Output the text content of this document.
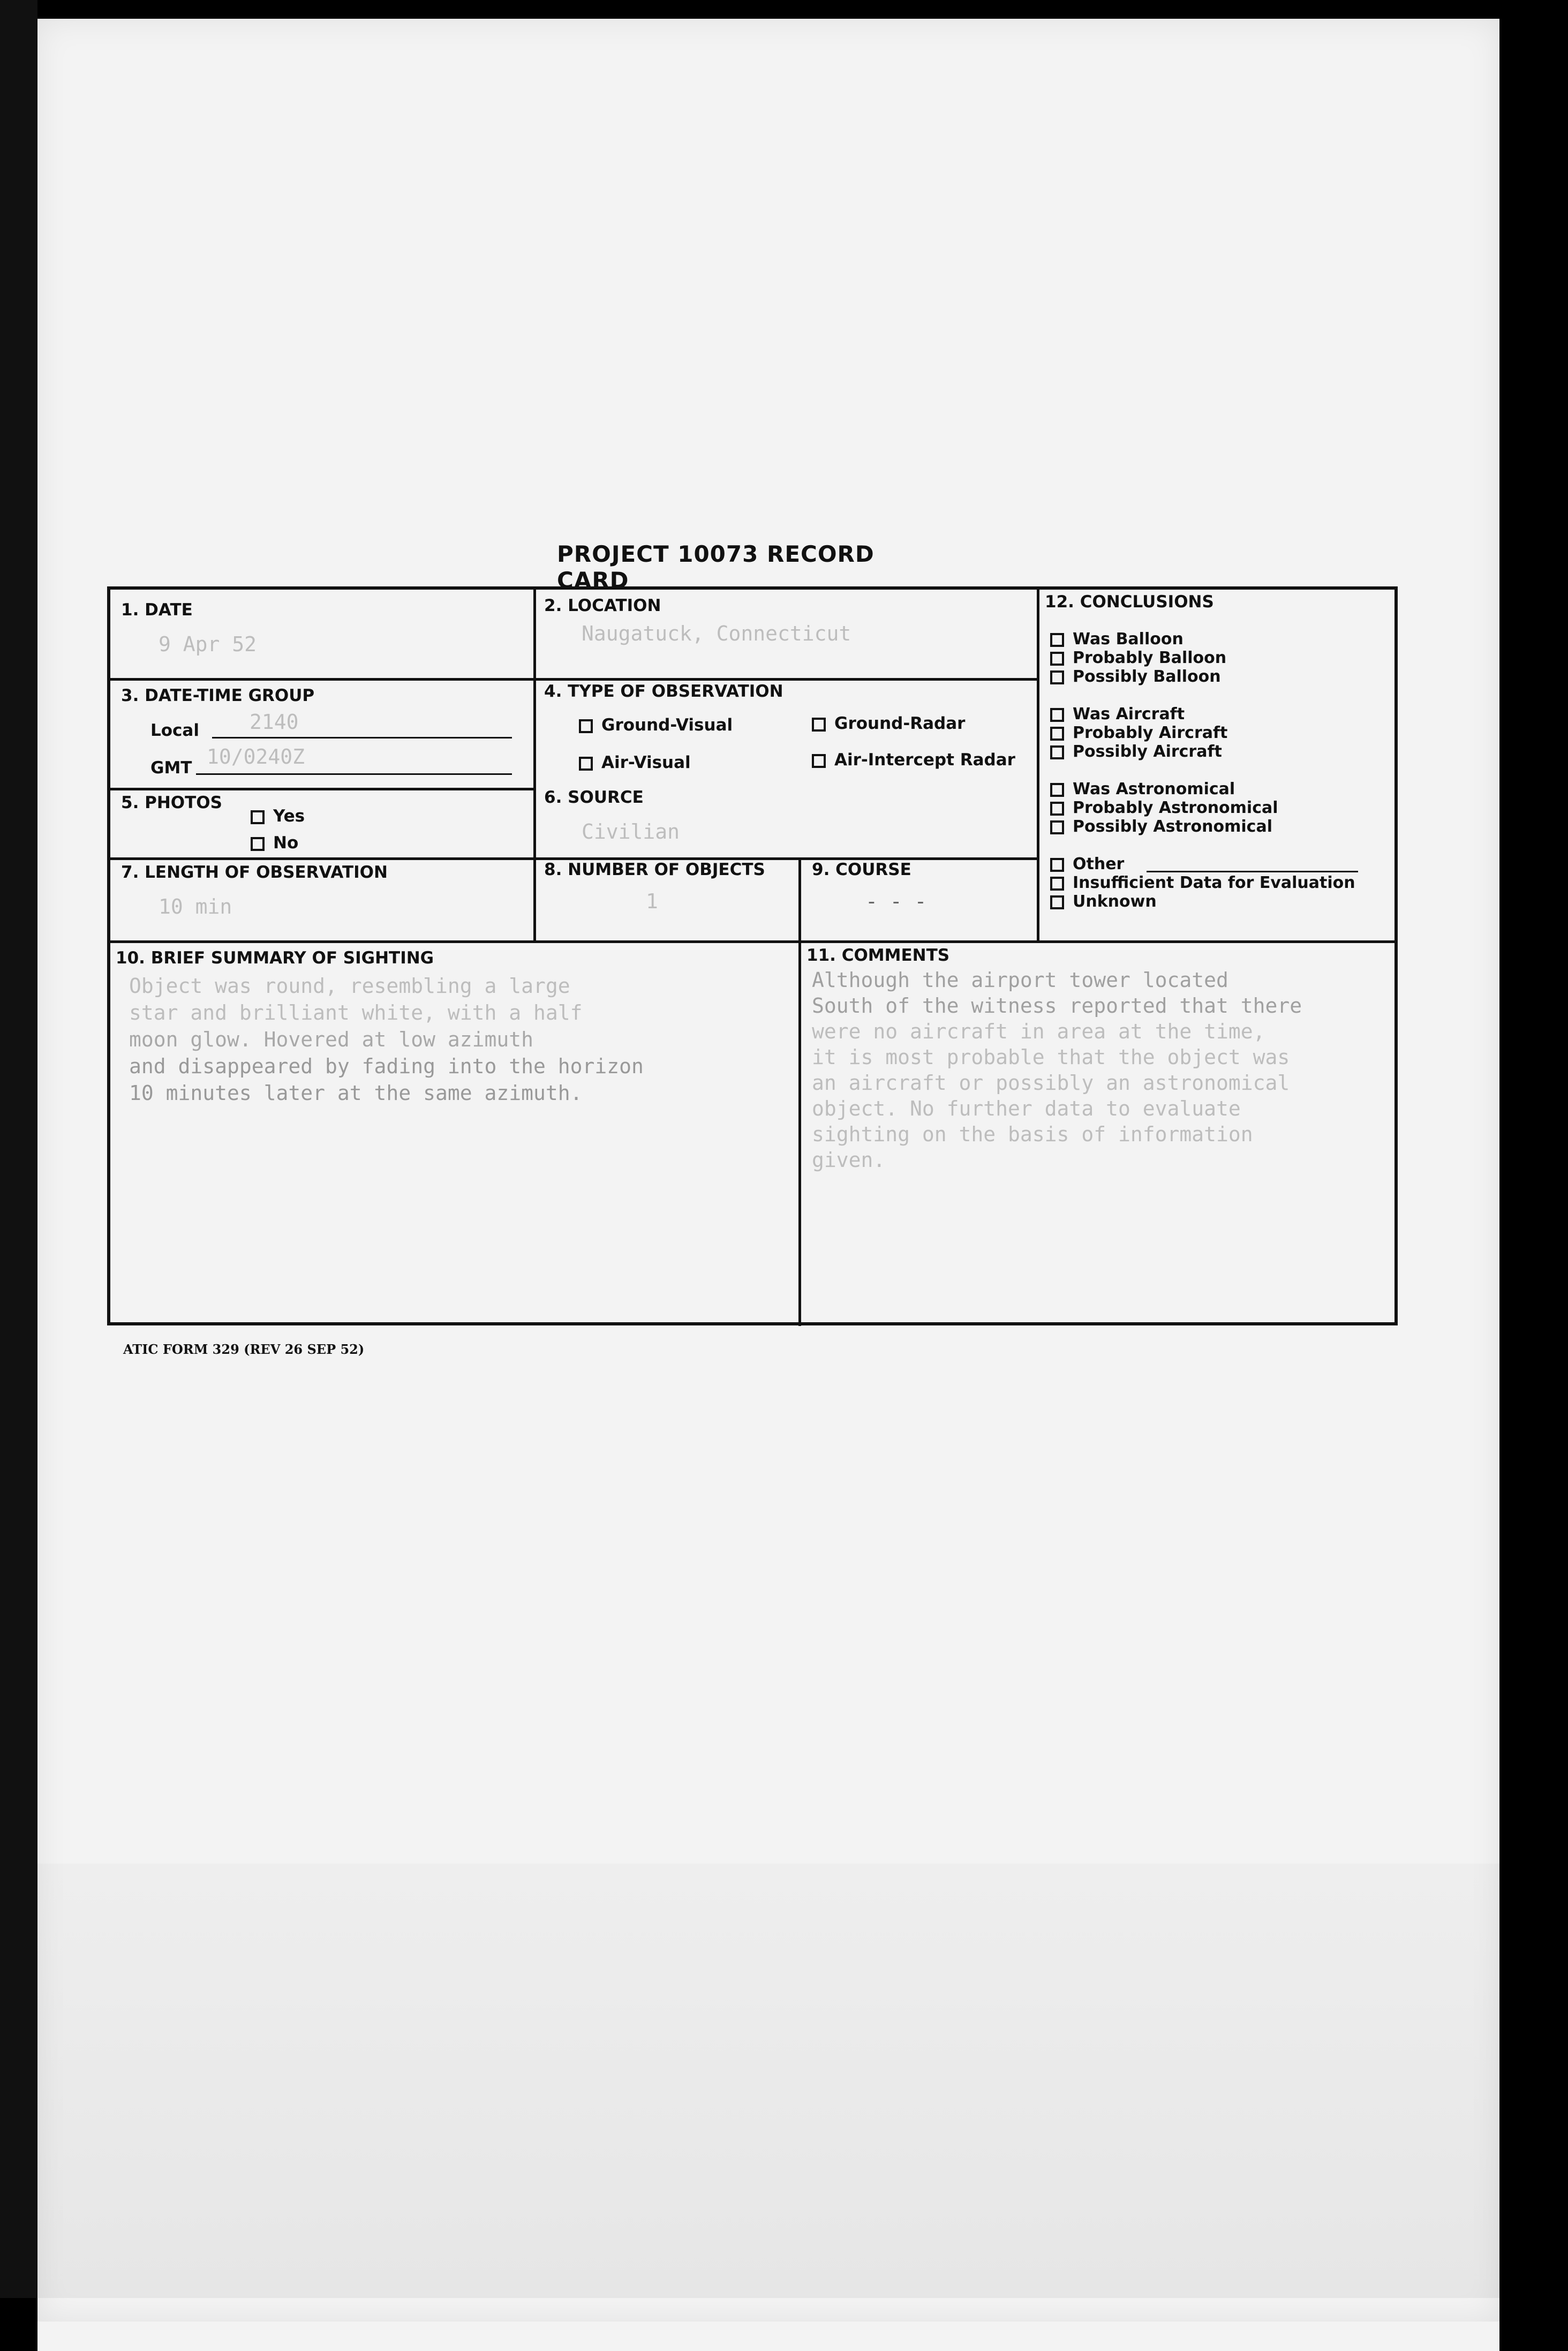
PROJECT 10073 RECORD CARD
1. DATE
9 Apr 52
2. LOCATION
Naugatuck, Connecticut
3. DATE-TIME GROUP
Local 2140
GMT 10/0240Z
4. TYPE OF OBSERVATION
Ground-Visual	Ground-Radar
Air-Visual	Air-Intercept Radar
5. PHOTOS
Yes
No
6. SOURCE
Civilian
7. LENGTH OF OBSERVATION
10 min
8. NUMBER OF OBJECTS
1
9. COURSE
- - -
10. BRIEF SUMMARY OF SIGHTING
Object was round, resembling a large
star and brilliant white, with a half
moon glow. Hovered at low azimuth
and disappeared by fading into the horizon
10 minutes later at the same azimuth.
11. COMMENTS
Although the airport tower located
South of the witness reported that there
were no aircraft in area at the time,
it is most probable that the object was
an aircraft or possibly an astronomical
object. No further data to evaluate
sighting on the basis of information
given.
12. CONCLUSIONS
Was Balloon
Probably Balloon
Possibly Balloon
Was Aircraft
Probably Aircraft
Possibly Aircraft
Was Astronomical
Probably Astronomical
Possibly Astronomical
Other
Insufficient Data for Evaluation
Unknown
ATIC FORM 329 (REV 26 SEP 52)
